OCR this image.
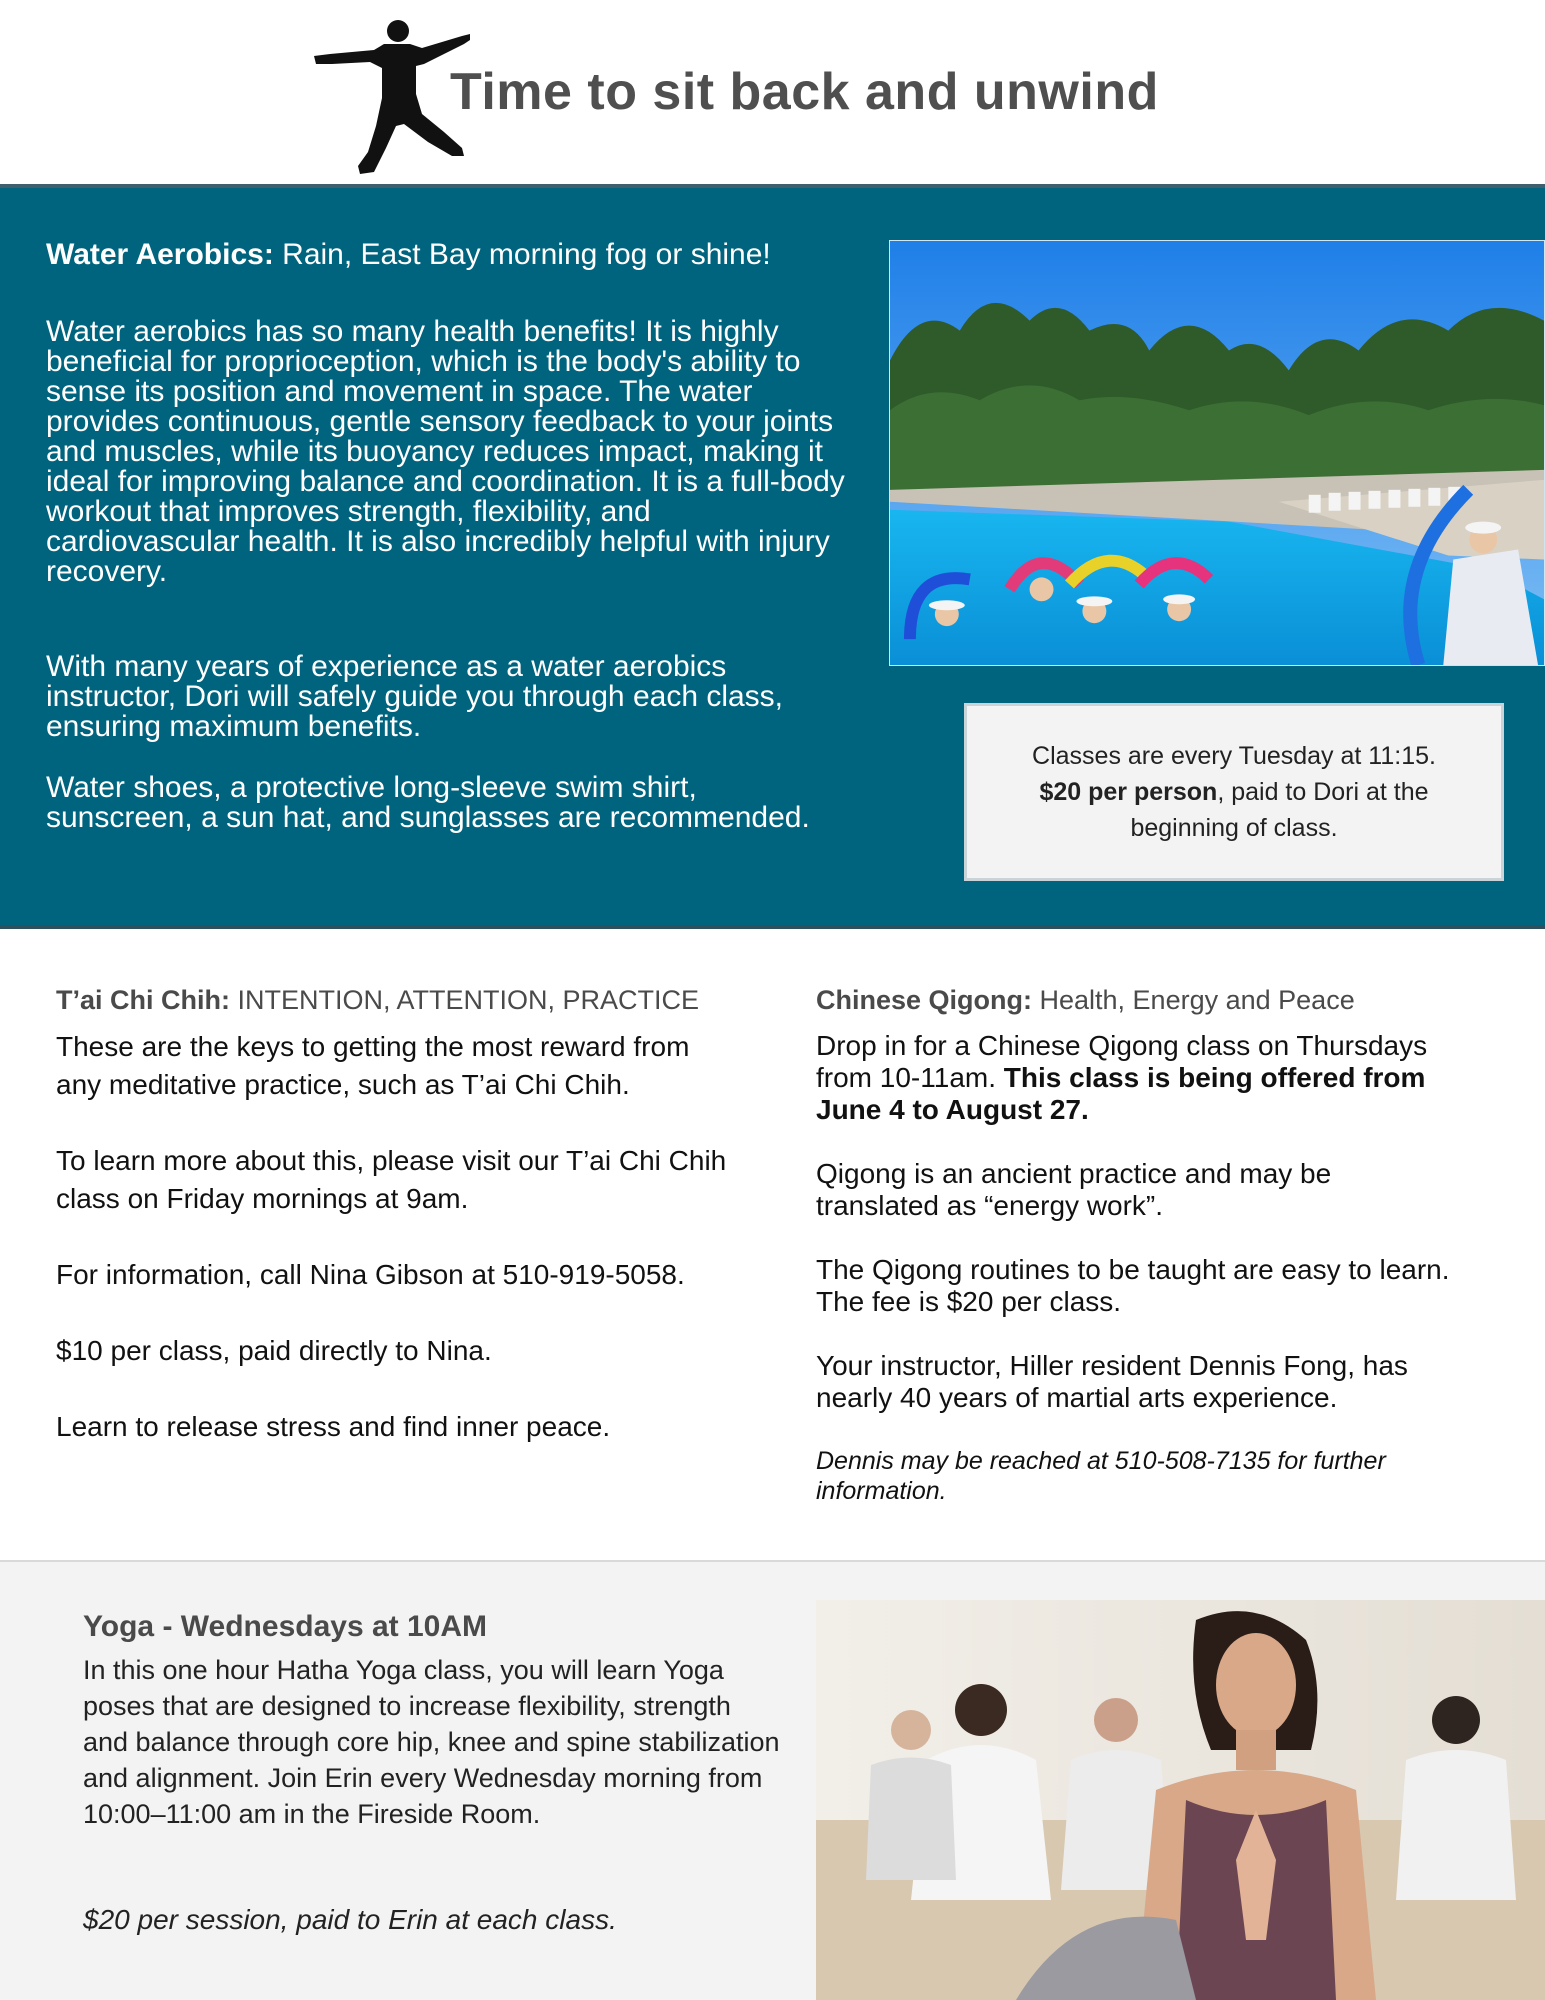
Time to sit back and unwind
Water Aerobics: Rain, East Bay morning fog or shine!

Water aerobics has so many health benefits! It is highly beneficial for proprioception, which is the body's ability to sense its position and movement in space. The water provides continuous, gentle sensory feedback to your joints and muscles, while its buoyancy reduces impact, making it ideal for improving balance and coordination. It is a full-body workout that improves strength, flexibility, and cardiovascular health. It is also incredibly helpful with injury recovery.

With many years of experience as a water aerobics instructor, Dori will safely guide you through each class, ensuring maximum benefits.

Water shoes, a protective long-sleeve swim shirt, sunscreen, a sun hat, and sunglasses are recommended.

Classes are every Tuesday at 11:15.
$20 per person, paid to Dori at the beginning of class.
T’ai Chi Chih: INTENTION, ATTENTION, PRACTICE

These are the keys to getting the most reward from any meditative practice, such as T’ai Chi Chih.

To learn more about this, please visit our T’ai Chi Chih class on Friday mornings at 9am.

For information, call Nina Gibson at 510-919-5058.

$10 per class, paid directly to Nina.

Learn to release stress and find inner peace.

Chinese Qigong: Health, Energy and Peace

Drop in for a Chinese Qigong class on Thursdays from 10-11am. This class is being offered from June 4 to August 27.

Qigong is an ancient practice and may be translated as “energy work”.

The Qigong routines to be taught are easy to learn. The fee is $20 per class.

Your instructor, Hiller resident Dennis Fong, has nearly 40 years of martial arts experience.

Dennis may be reached at 510-508-7135 for further information.

Yoga - Wednesdays at 10AM

In this one hour Hatha Yoga class, you will learn Yoga poses that are designed to increase flexibility, strength and balance through core hip, knee and spine stabilization and alignment. Join Erin every Wednesday morning from 10:00–11:00 am in the Fireside Room.

$20 per session, paid to Erin at each class.
